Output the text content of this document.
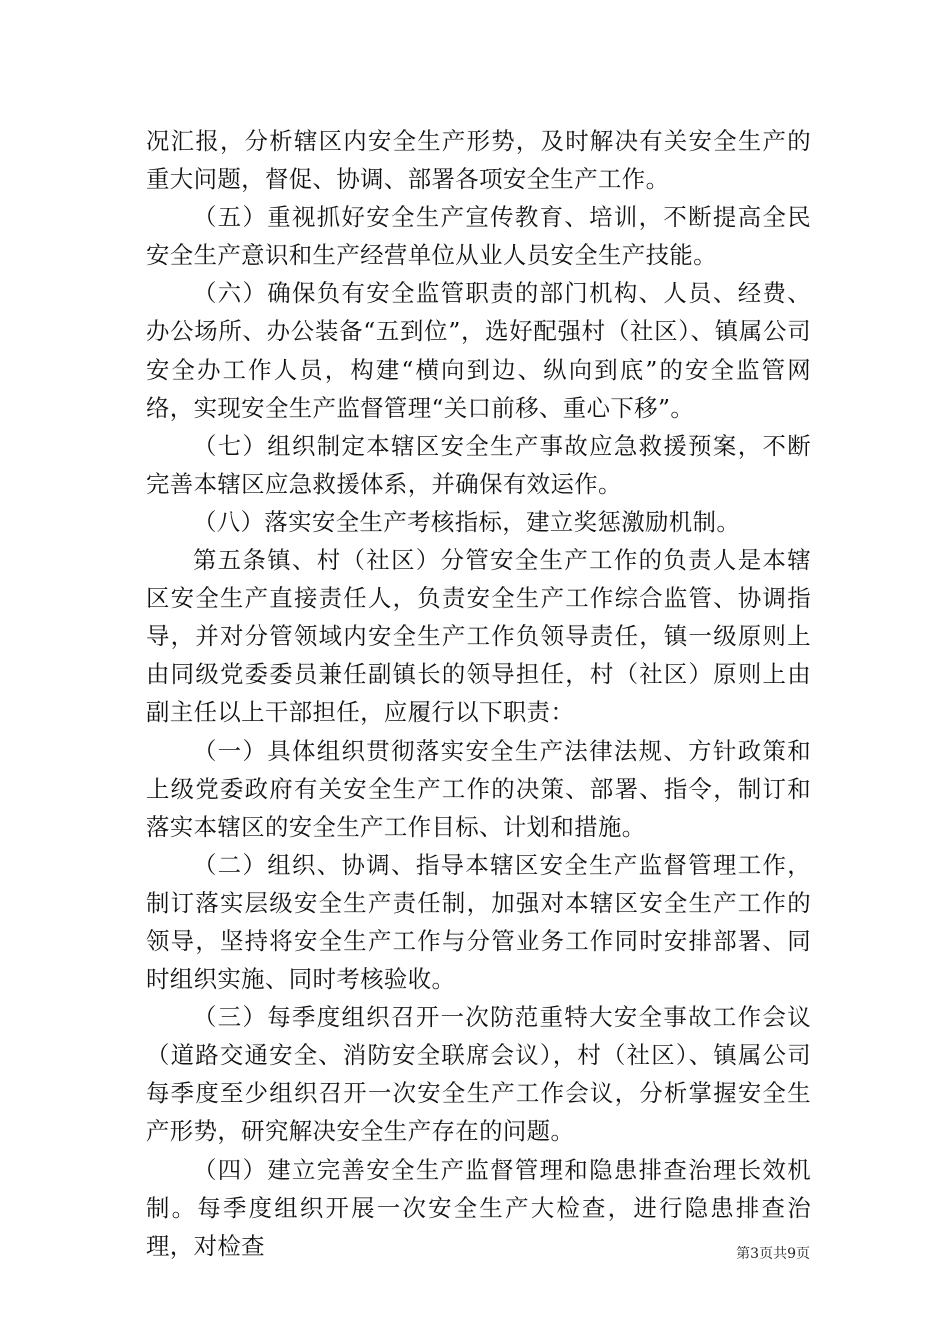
况汇报，分析辖区内安全生产形势，及时解决有关安全生产的重大问题，督促、协调、部署各项安全生产工作。

（五）重视抓好安全生产宣传教育、培训，不断提高全民安全生产意识和生产经营单位从业人员安全生产技能。

（六）确保负有安全监管职责的部门机构、人员、经费、办公场所、办公装备“五到位”，选好配强村（社区）、镇属公司安全办工作人员，构建“横向到边、纵向到底”的安全监管网络，实现安全生产监督管理“关口前移、重心下移”。

（七）组织制定本辖区安全生产事故应急救援预案，不断完善本辖区应急救援体系，并确保有效运作。

（八）落实安全生产考核指标，建立奖惩激励机制。

第五条镇、村（社区）分管安全生产工作的负责人是本辖区安全生产直接责任人，负责安全生产工作综合监管、协调指导，并对分管领域内安全生产工作负领导责任，镇一级原则上由同级党委委员兼任副镇长的领导担任，村（社区）原则上由副主任以上干部担任，应履行以下职责：

（一）具体组织贯彻落实安全生产法律法规、方针政策和上级党委政府有关安全生产工作的决策、部署、指令，制订和落实本辖区的安全生产工作目标、计划和措施。

（二）组织、协调、指导本辖区安全生产监督管理工作，制订落实层级安全生产责任制，加强对本辖区安全生产工作的领导，坚持将安全生产工作与分管业务工作同时安排部署、同时组织实施、同时考核验收。

（三）每季度组织召开一次防范重特大安全事故工作会议（道路交通安全、消防安全联席会议），村（社区）、镇属公司每季度至少组织召开一次安全生产工作会议，分析掌握安全生产形势，研究解决安全生产存在的问题。

（四）建立完善安全生产监督管理和隐患排查治理长效机制。每季度组织开展一次安全生产大检查，进行隐患排查治理，对检查	第3页共9页
